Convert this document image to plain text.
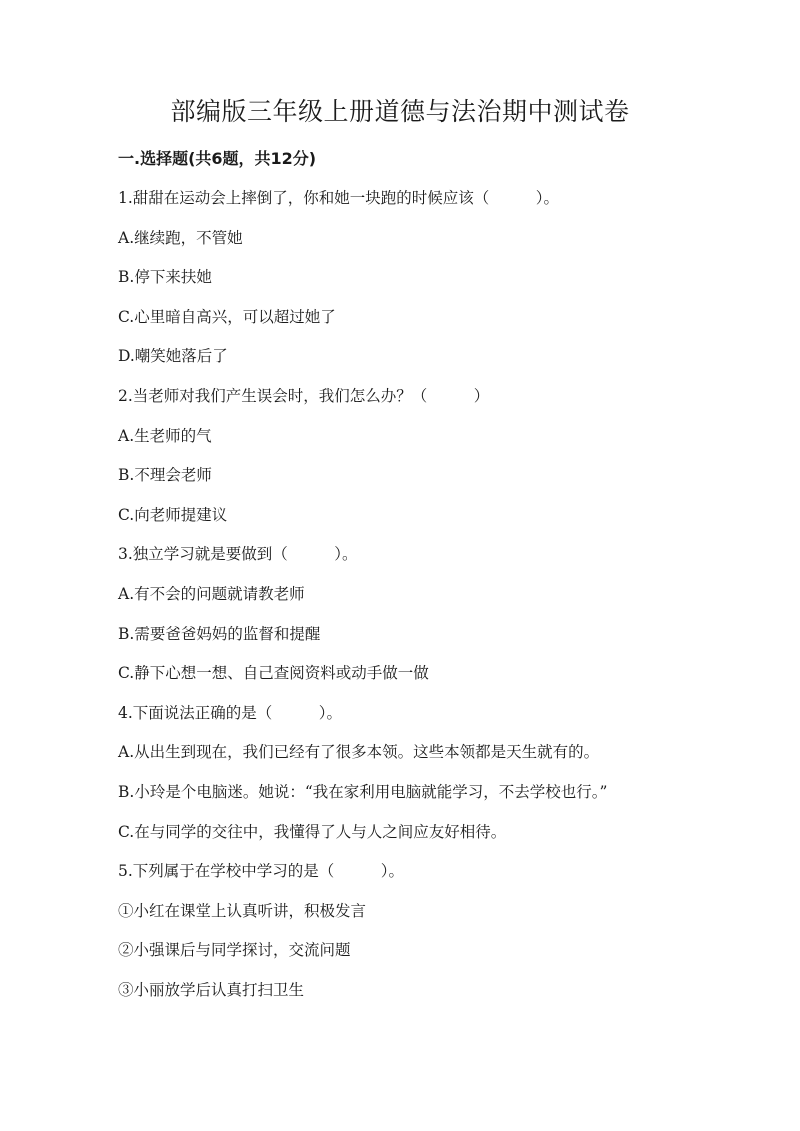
部编版三年级上册道德与法治期中测试卷
一.选择题(共6题，共12分)
1.甜甜在运动会上摔倒了，你和她一块跑的时候应该（　　　）。
A.继续跑，不管她
B.停下来扶她
C.心里暗自高兴，可以超过她了
D.嘲笑她落后了
2.当老师对我们产生误会时，我们怎么办？（　　　）
A.生老师的气
B.不理会老师
C.向老师提建议
3.独立学习就是要做到（　　　）。
A.有不会的问题就请教老师
B.需要爸爸妈妈的监督和提醒
C.静下心想一想、自己查阅资料或动手做一做
4.下面说法正确的是（　　　）。
A.从出生到现在，我们已经有了很多本领。这些本领都是天生就有的。
B.小玲是个电脑迷。她说：“我在家利用电脑就能学习，不去学校也行。”
C.在与同学的交往中，我懂得了人与人之间应友好相待。
5.下列属于在学校中学习的是（　　　）。
①小红在课堂上认真听讲，积极发言
②小强课后与同学探讨，交流问题
③小丽放学后认真打扫卫生
